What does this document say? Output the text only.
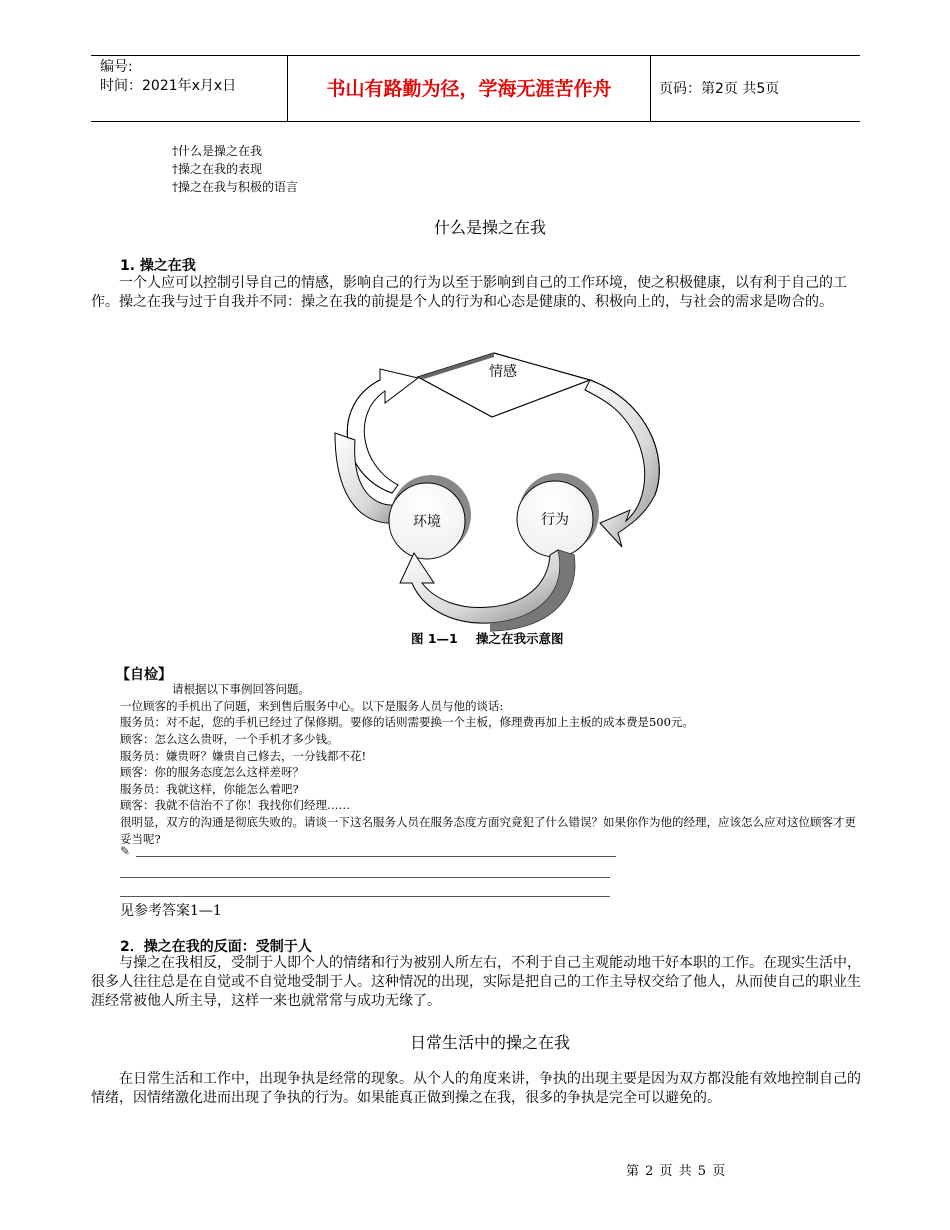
编号:
时间：2021年x月x日	书山有路勤为径，学海无涯苦作舟	页码：第2页 共5页
†什么是操之在我
†操之在我的表现
†操之在我与积极的语言
什么是操之在我
1. 操之在我
一个人应可以控制引导自己的情感，影响自己的行为以至于影响到自己的工作环境，使之积极健康，以有利于自己的工作。操之在我与过于自我并不同：操之在我的前提是个人的行为和心态是健康的、积极向上的，与社会的需求是吻合的。
情感
环境	行为
图 1—1 操之在我示意图
【自检】
请根据以下事例回答问题。
一位顾客的手机出了问题，来到售后服务中心。以下是服务人员与他的谈话:
服务员：对不起，您的手机已经过了保修期。要修的话则需要换一个主板，修理费再加上主板的成本费是500元。
顾客：怎么这么贵呀，一个手机才多少钱。
服务员：嫌贵呀？嫌贵自己修去，一分钱都不花!
顾客：你的服务态度怎么这样差呀？
服务员：我就这样，你能怎么着吧?
顾客：我就不信治不了你！我找你们经理……
很明显，双方的沟通是彻底失败的。请谈一下这名服务人员在服务态度方面究竟犯了什么错误？如果你作为他的经理，应该怎么应对这位顾客才更妥当呢?
✎
见参考答案1—1
2．操之在我的反面：受制于人
与操之在我相反，受制于人即个人的情绪和行为被别人所左右，不利于自己主观能动地干好本职的工作。在现实生活中，很多人往往总是在自觉或不自觉地受制于人。这种情况的出现，实际是把自己的工作主导权交给了他人，从而使自己的职业生涯经常被他人所主导，这样一来也就常常与成功无缘了。
日常生活中的操之在我
在日常生活和工作中，出现争执是经常的现象。从个人的角度来讲，争执的出现主要是因为双方都没能有效地控制自己的情绪，因情绪激化进而出现了争执的行为。如果能真正做到操之在我，很多的争执是完全可以避免的。
第 2 页 共 5 页
